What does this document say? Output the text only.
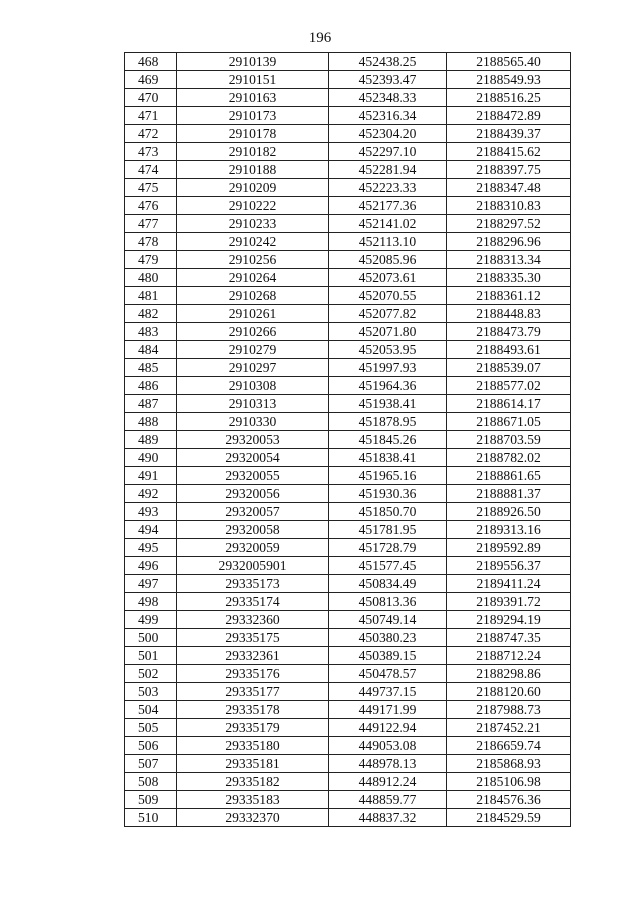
196
468	2910139	452438.25	2188565.40
469	2910151	452393.47	2188549.93
470	2910163	452348.33	2188516.25
471	2910173	452316.34	2188472.89
472	2910178	452304.20	2188439.37
473	2910182	452297.10	2188415.62
474	2910188	452281.94	2188397.75
475	2910209	452223.33	2188347.48
476	2910222	452177.36	2188310.83
477	2910233	452141.02	2188297.52
478	2910242	452113.10	2188296.96
479	2910256	452085.96	2188313.34
480	2910264	452073.61	2188335.30
481	2910268	452070.55	2188361.12
482	2910261	452077.82	2188448.83
483	2910266	452071.80	2188473.79
484	2910279	452053.95	2188493.61
485	2910297	451997.93	2188539.07
486	2910308	451964.36	2188577.02
487	2910313	451938.41	2188614.17
488	2910330	451878.95	2188671.05
489	29320053	451845.26	2188703.59
490	29320054	451838.41	2188782.02
491	29320055	451965.16	2188861.65
492	29320056	451930.36	2188881.37
493	29320057	451850.70	2188926.50
494	29320058	451781.95	2189313.16
495	29320059	451728.79	2189592.89
496	2932005901	451577.45	2189556.37
497	29335173	450834.49	2189411.24
498	29335174	450813.36	2189391.72
499	29332360	450749.14	2189294.19
500	29335175	450380.23	2188747.35
501	29332361	450389.15	2188712.24
502	29335176	450478.57	2188298.86
503	29335177	449737.15	2188120.60
504	29335178	449171.99	2187988.73
505	29335179	449122.94	2187452.21
506	29335180	449053.08	2186659.74
507	29335181	448978.13	2185868.93
508	29335182	448912.24	2185106.98
509	29335183	448859.77	2184576.36
510	29332370	448837.32	2184529.59
